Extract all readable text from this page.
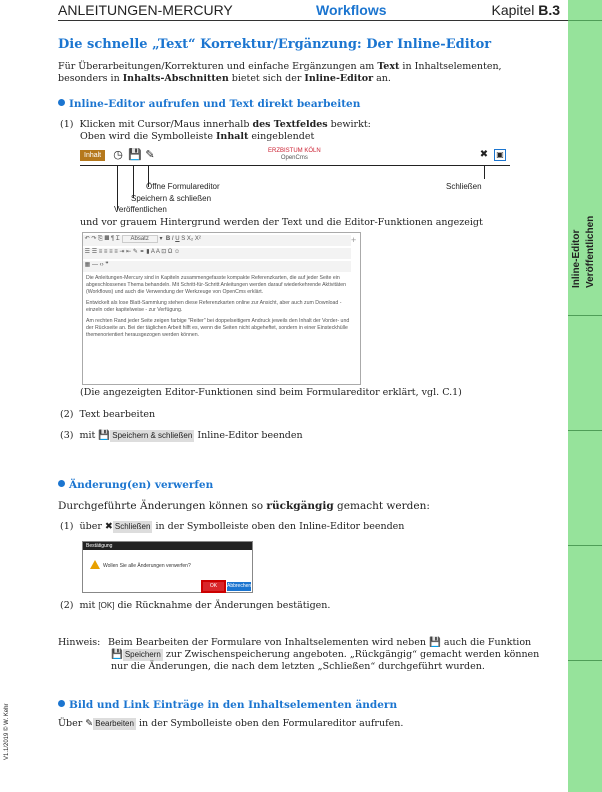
ANLEITUNGEN-MERCURY	Workflows	Kapitel B.3
Inline-Editor Veröffentlichen
Die schnelle „Text“ Korrektur/Ergänzung: Der Inline-Editor
Für Überarbeitungen/Korrekturen und einfache Ergänzungen am Text in Inhaltselementen,
besonders in Inhalts-Abschnitten bietet sich der Inline-Editor an.
Inline-Editor aufrufen und Text direkt bearbeiten
(1) Klicken mit Cursor/Maus innerhalb des Textfeldes bewirkt:
Oben wird die Symbolleiste Inhalt eingeblendet
Inhalt	◷ 💾 ✎	ERZBISTUM KÖLN
OpenCms	✖ ▣
Öffne Formulareditor
Speichern & schließen
Veröffentlichen
Schließen
und vor grauem Hintergrund werden der Text und die Editor-Funktionen angezeigt
↶ ↷ ⎘ ▦ ¶ Ꮖ Absatz ▾  B I U S X₂ X²
☰ ☰ ≡ ≡ ≡ ≡ ⇥ ⇤ ✎ ⚭ ▮ A A ⊡ Ω ☺
▦ — ‹› ❞
+

Die Anleitungen-Mercury sind in Kapiteln zusammengefasste kompakte Referenzkarten, die auf jeder Seite ein abgeschlossenes Thema behandeln. Mit Schritt-für-Schritt Anleitungen werden darauf wiederkehrende Aktivitäten (Workflows) und auch die Verwendung der Werkzeuge von OpenCms erklärt.

Entwickelt als lose Blatt-Sammlung stehen diese Referenzkarten online zur Ansicht, aber auch zum Download - einzeln oder kapitelweise - zur Verfügung.

Am rechten Rand jeder Seite zeigen farbige "Reiter" bei doppelseitigem Andruck jeweils den Inhalt der Vorder- und der Rückseite an. Bei der täglichen Arbeit hilft es, wenn die Seiten nicht abgeheftet, sondern in einer Einsteckhülle themenorientiert herausgezogen werden können.

(Die angezeigten Editor-Funktionen sind beim Formulareditor erklärt, vgl. C.1)
(2) Text bearbeiten
(3) mit 💾 Speichern & schließen Inline-Editor beenden
Änderung(en) verwerfen
Durchgeführte Änderungen können so rückgängig gemacht werden:
(1) über ✖ Schließen in der Symbolleiste oben den Inline-Editor beenden
Bestätigung
Wollen Sie alle Änderungen verwerfen?
OK	Abbrechen
(2) mit [OK] die Rücknahme der Änderungen bestätigen.
Hinweis: Beim Bearbeiten der Formulare von Inhaltselementen wird neben 💾 auch die Funktion
💾 Speichern zur Zwischenspeicherung angeboten. „Rückgängig“ gemacht werden können
nur die Änderungen, die nach dem letzten „Schließen“ durchgeführt wurden.
Bild und Link Einträge in den Inhaltselementen ändern
Über ✎ Bearbeiten in der Symbolleiste oben den Formulareditor aufrufen.
V1.1/2019 © W. Kehr
